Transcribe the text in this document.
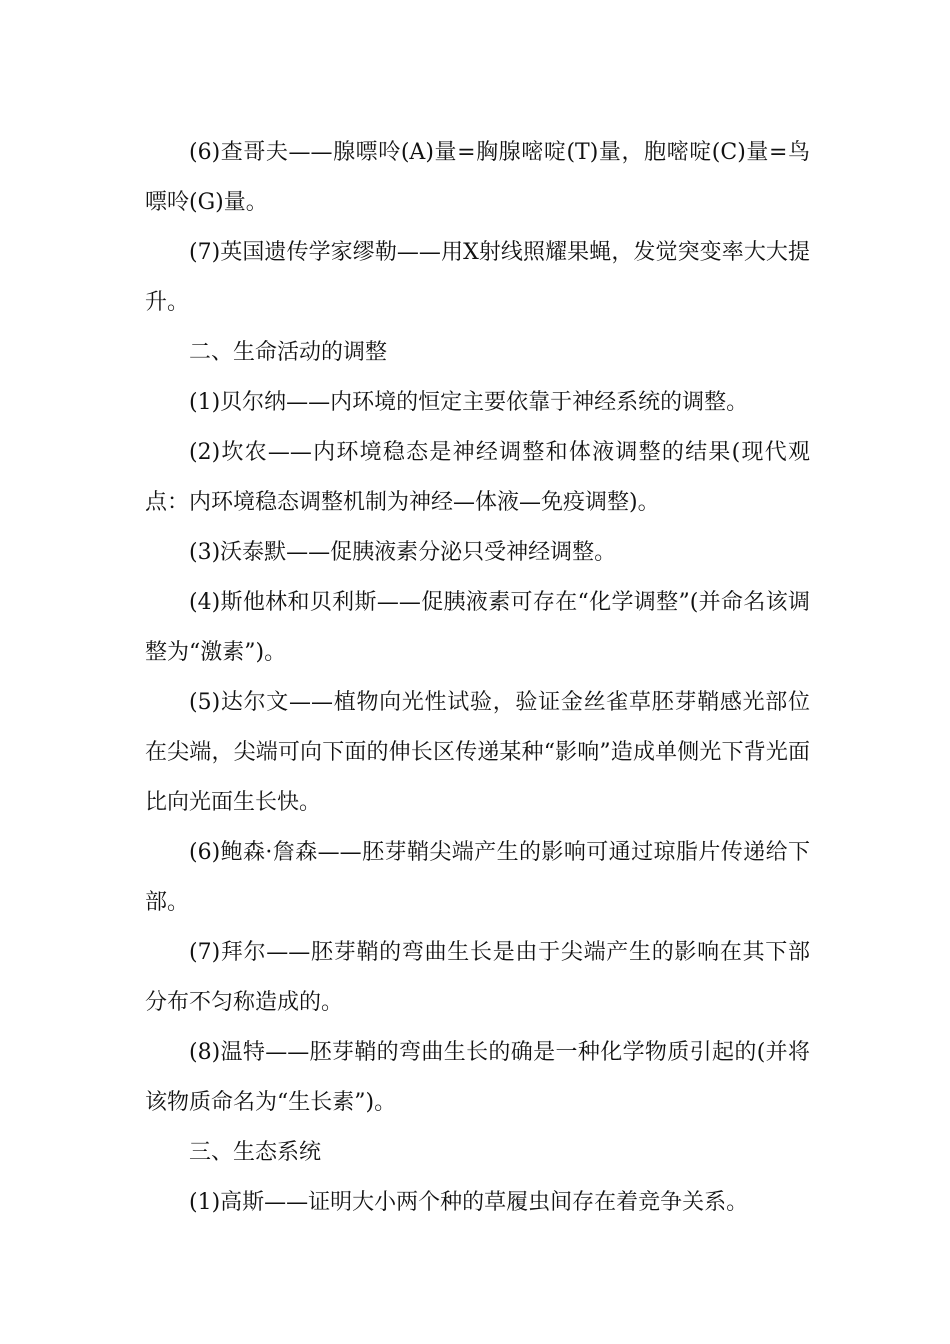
(6)查哥夫——腺嘌呤(A)量=胸腺嘧啶(T)量，胞嘧啶(C)量=鸟嘌呤(G)量。

(7)英国遗传学家缪勒——用X射线照耀果蝇，发觉突变率大大提升。

二、生命活动的调整

(1)贝尔纳——内环境的恒定主要依靠于神经系统的调整。

(2)坎农——内环境稳态是神经调整和体液调整的结果(现代观点：内环境稳态调整机制为神经—体液—免疫调整)。

(3)沃泰默——促胰液素分泌只受神经调整。

(4)斯他林和贝利斯——促胰液素可存在“化学调整”(并命名该调整为“激素”)。

(5)达尔文——植物向光性试验，验证金丝雀草胚芽鞘感光部位在尖端，尖端可向下面的伸长区传递某种“影响”造成单侧光下背光面比向光面生长快。

(6)鲍森·詹森——胚芽鞘尖端产生的影响可通过琼脂片传递给下部。

(7)拜尔——胚芽鞘的弯曲生长是由于尖端产生的影响在其下部分布不匀称造成的。

(8)温特——胚芽鞘的弯曲生长的确是一种化学物质引起的(并将该物质命名为“生长素”)。

三、生态系统

(1)高斯——证明大小两个种的草履虫间存在着竞争关系。
